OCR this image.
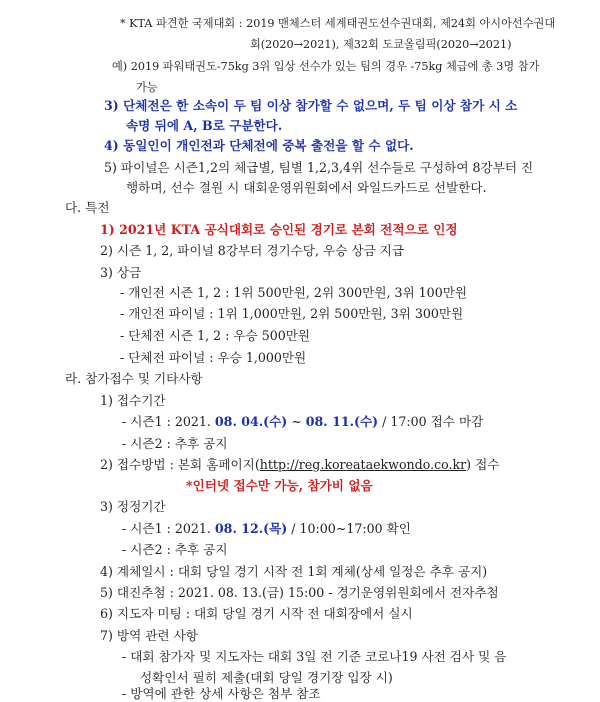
* KTA 파견한 국제대회 : 2019 맨체스터 세계태권도선수권대회, 제24회 아시아선수권대
회(2020→2021), 제32회 도쿄올림픽(2020→2021)
예) 2019 파워태권도-75kg 3위 입상 선수가 있는 팀의 경우 -75kg 체급에 총 3명 참가
가능
3) 단체전은 한 소속이 두 팀 이상 참가할 수 없으며, 두 팀 이상 참가 시 소
속명 뒤에 A, B로 구분한다.
4) 동일인이 개인전과 단체전에 중복 출전을 할 수 없다.
5) 파이널은 시즌1,2의 체급별, 팀별 1,2,3,4위 선수들로 구성하여 8강부터 진
행하며, 선수 결원 시 대회운영위원회에서 와일드카드로 선발한다.
다. 특전
1) 2021년 KTA 공식대회로 승인된 경기로 본회 전적으로 인정
2) 시즌 1, 2, 파이널 8강부터 경기수당, 우승 상금 지급
3) 상금
- 개인전 시즌 1, 2 : 1위 500만원, 2위 300만원, 3위 100만원
- 개인전 파이널 : 1위 1,000만원, 2위 500만원, 3위 300만원
- 단체전 시즌 1, 2 : 우승 500만원
- 단체전 파이널 : 우승 1,000만원
라. 참가접수 및 기타사항
1) 접수기간
- 시즌1 : 2021. 08. 04.(수) ~ 08. 11.(수) / 17:00 접수 마감
- 시즌2 : 추후 공지
2) 접수방법 : 본회 홈페이지(http://reg.koreataekwondo.co.kr) 접수
*인터넷 접수만 가능, 참가비 없음
3) 정정기간
- 시즌1 : 2021. 08. 12.(목) / 10:00~17:00 확인
- 시즌2 : 추후 공지
4) 계체일시 : 대회 당일 경기 시작 전 1회 계체(상세 일정은 추후 공지)
5) 대진추첨 : 2021. 08. 13.(금) 15:00 - 경기운영위원회에서 전자추첨
6) 지도자 미팅 : 대회 당일 경기 시작 전 대회장에서 실시
7) 방역 관련 사항
- 대회 참가자 및 지도자는 대회 3일 전 기준 코로나19 사전 검사 및 음
성확인서 필히 제출(대회 당일 경기장 입장 시)
- 방역에 관한 상세 사항은 첨부 참조
